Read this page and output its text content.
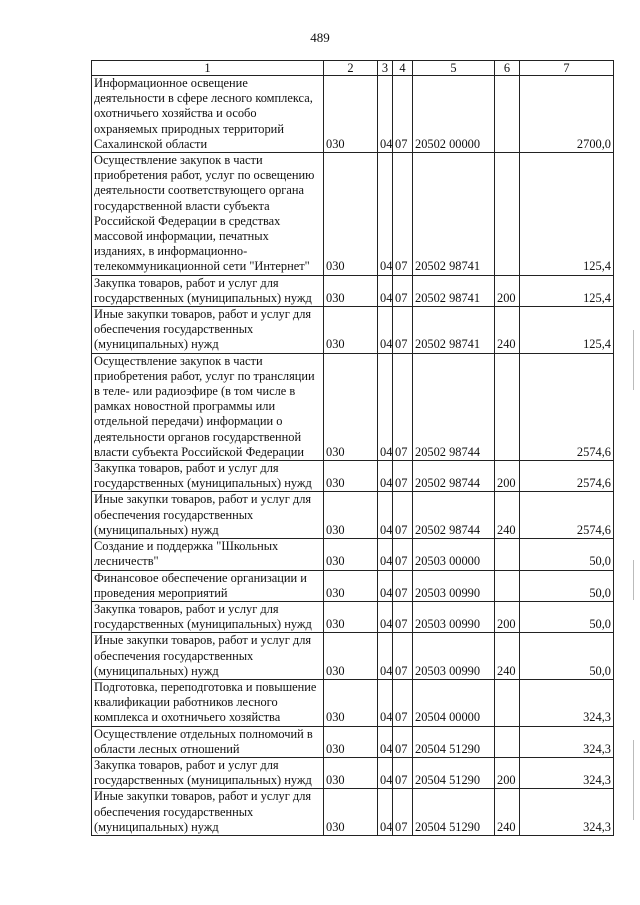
489
1	2	3	4	5	6	7
Информационное освещение деятельности в сфере лесного комплекса, охотничьего хозяйства и особо охраняемых природных территорий Сахалинской области	030	04	07	20502 00000		2700,0
Осуществление закупок в части приобретения работ, услуг по освещению деятельности соответствующего органа государственной власти субъекта Российской Федерации в средствах массовой информации, печатных изданиях, в информационно-телекоммуникационной сети "Интернет"	030	04	07	20502 98741		125,4
Закупка товаров, работ и услуг для государственных (муниципальных) нужд	030	04	07	20502 98741	200	125,4
Иные закупки товаров, работ и услуг для обеспечения государственных (муниципальных) нужд	030	04	07	20502 98741	240	125,4
Осуществление закупок в части приобретения работ, услуг по трансляции в теле- или радиоэфире (в том числе в рамках новостной программы или отдельной передачи) информации о деятельности органов государственной власти субъекта Российской Федерации	030	04	07	20502 98744		2574,6
Закупка товаров, работ и услуг для государственных (муниципальных) нужд	030	04	07	20502 98744	200	2574,6
Иные закупки товаров, работ и услуг для обеспечения государственных (муниципальных) нужд	030	04	07	20502 98744	240	2574,6
Создание и поддержка "Школьных лесничеств"	030	04	07	20503 00000		50,0
Финансовое обеспечение организации и проведения мероприятий	030	04	07	20503 00990		50,0
Закупка товаров, работ и услуг для государственных (муниципальных) нужд	030	04	07	20503 00990	200	50,0
Иные закупки товаров, работ и услуг для обеспечения государственных (муниципальных) нужд	030	04	07	20503 00990	240	50,0
Подготовка, переподготовка и повышение квалификации работников лесного комплекса и охотничьего хозяйства	030	04	07	20504 00000		324,3
Осуществление отдельных полномочий в области лесных отношений	030	04	07	20504 51290		324,3
Закупка товаров, работ и услуг для государственных (муниципальных) нужд	030	04	07	20504 51290	200	324,3
Иные закупки товаров, работ и услуг для обеспечения государственных (муниципальных) нужд	030	04	07	20504 51290	240	324,3
